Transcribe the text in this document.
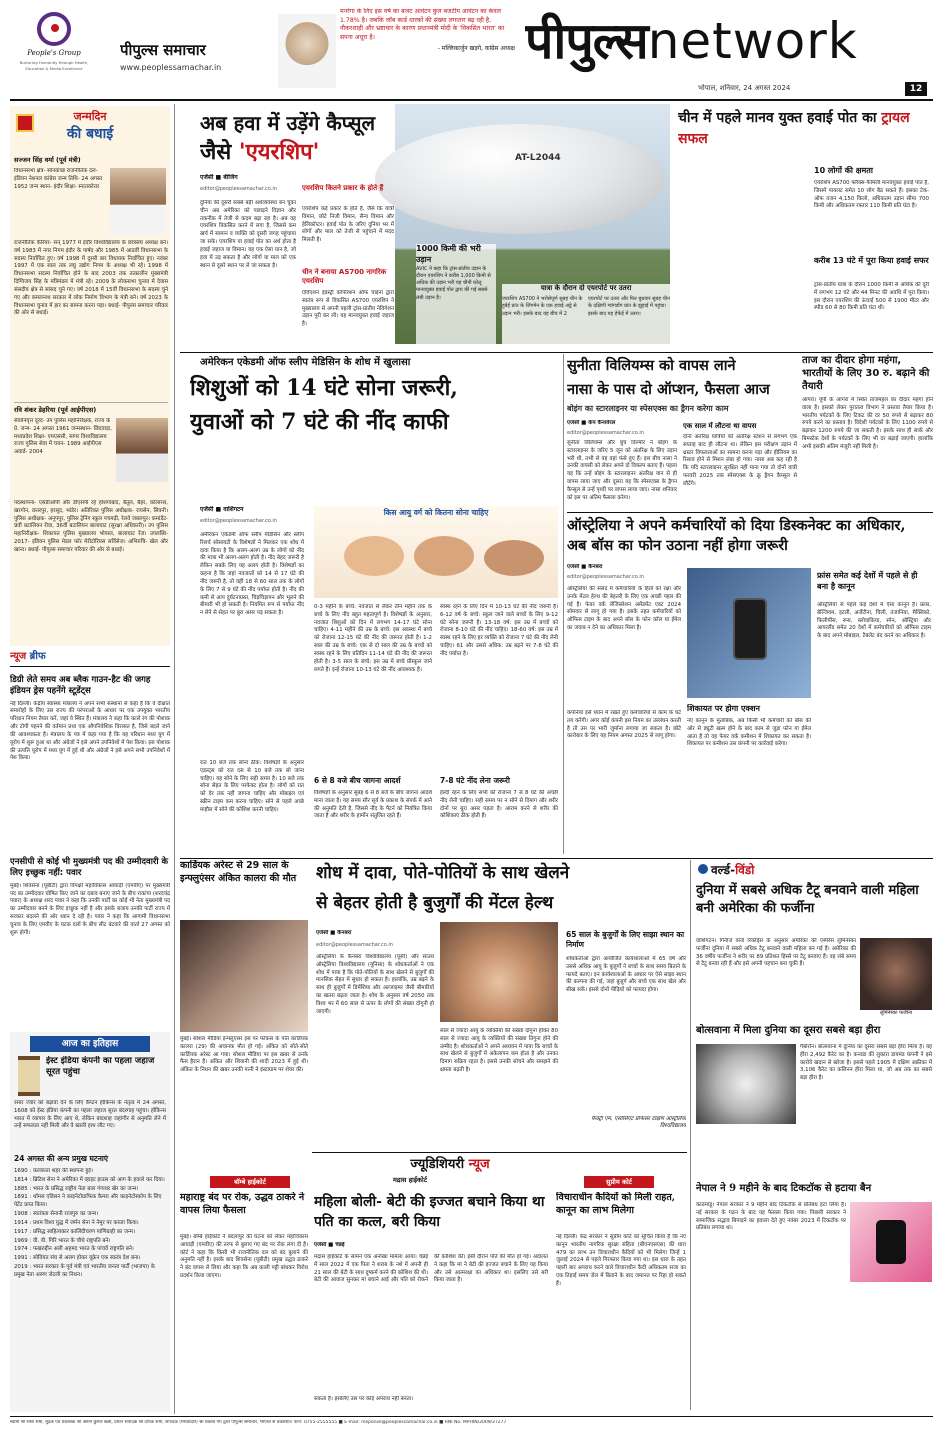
People's Group
Nurturing Humanity through Health, Education & Media Excellence
पीपुल्स समाचार
www.peoplessamachar.in
मनरेगा के लिए इस वर्ष का बजट आवंटन कुल बजटीय आवंटन का केवल 1.78% है। जबकि जॉब कार्ड धारकों की संख्या लगातार बढ़ रही है, नौकरशाही और भ्रष्टाचार के कारण प्रधानमंत्री मोदी के 'विकसित भारत' का सपना अधूरा है।
- मल्लिकार्जुन खड़गे, कांग्रेस अध्यक्ष पीपुल्सnetwork
भोपाल, शनिवार, 24 अगस्त 2024	12
जन्मदिन
की बधाई
सज्जन सिंह वर्मा (पूर्व मंत्री)
विधानसभा क्षेत्र- सोनकच्छ राजनीतिक दल- इंडियन नेशनल कांग्रेस जन्म तिथि- 24 अगस्त 1952 जन्म स्थान- इंदौर शिक्षा- स्नातकोत्तर
राजनीतिक कॅरियर- सन् 1977 में इंदौर विश्वविद्यालय के छात्रसंघ अध्यक्ष बने। वर्ष 1983 में नगर निगम इंदौर के पार्षद और 1985 में आठवीं विधानसभा के सदस्य निर्वाचित हुए। वर्ष 1998 में दूसरी बार विधायक निर्वाचित हुए। नवंबर 1997 में एक साल तक लघु उद्योग निगम के अध्यक्ष भी रहे। 1998 में विधानसभा सदस्य निर्वाचित होने के बाद 2003 तक तत्कालीन मुख्यमंत्री दिग्विजय सिंह के मंत्रिमंडल में मंत्री रहे। 2009 के लोकसभा चुनाव में देवास संसदीय क्षेत्र से सांसद चुने गए। वर्ष 2018 में 15वीं विधानसभा के सदस्य चुने गए और कमलनाथ सरकार में लोक निर्माण विभाग के मंत्री बने। वर्ष 2023 के विधानसभा चुनाव में हार का सामना करना पड़ा। बधाई- पीपुल्स समाचार परिवार की ओर से बधाई।
रवि शंकर डेहरिया (पूर्व आईपीएस)
सेवानिवृत्त दूरद- उप पुलिस महानिरीक्षक, राज्य के प्रे. जन्म- 24 अगस्त 1961 जन्मस्थान- छिंदवाड़ा, मध्यप्रदेश शिक्षा- एमएससी, सागर विश्वविद्यालय राज्य पुलिस सेवा में चयन- 1989 आईपीएस अवार्ड- 2004
पदस्थापना- एसडीओपी और डीएसपी रहे होशंगाबाद, बैतूल, बैहर, कोलारस, खरगोन, छतरपुर, हरसूद, भांडेर। अतिरिक्त पुलिस अधीक्षक- रायसेन, सिवनी। पुलिस अधीक्षक- अनूपपुर, पुलिस ट्रेनिंग स्कूल पचमढ़ी, रेलवे जबलपुर। कमांडेंट- 9वीं बटालियन रीवा, 36वीं बटालियन बालाघाट (सुरक्षा अधिकारी)। उप पुलिस महानिरीक्षक- शिकायत पुलिस मुख्यालय भोपाल, बालाघाट रेंज। उपलब्धि- 2017- इंडियन पुलिस मेडल फॉर मेरीटोरियस सर्विसेज। अभिरुचि- खेल और खाना। बधाई- पीपुल्स समाचार परिवार की ओर से बधाई।
न्यूज ब्रीफ
डिग्री लेते समय अब ब्लैक गाउन-हैट की जगह इंडियन ड्रेस पहनेंगे स्टूडेंट्स
नई दिल्ली। केंद्रीय स्वास्थ्य मंत्रालय ने अपने सभी संस्थानों से कहा है कि वे दीक्षांत समारोहों के लिए उस राज्य की परंपराओं के आधार पर एक उपयुक्त भारतीय परिधान नियम तैयार करें, जहां वे स्थित हैं। मंत्रालय ने कहा कि काले रंग की पोशाक और टोपी पहनने की वर्तमान प्रथा एक औपनिवेशिक विरासत है, जिसे बदले जाने की आवश्यकता है। मंत्रालय के पत्र में कहा गया है कि यह परिधान मध्य युग में यूरोप में शुरू हुआ था और अंग्रेजों ने इसे अपने उपनिवेशों में पेश किया। इस पोशाक की उत्पत्ति यूरोप में मध्य युग में हुई थी और अंग्रेजों ने इसे अपने सभी उपनिवेशों में पेश किया।
एनसीपी से कोई भी मुख्यमंत्री पद की उम्मीदवारी के लिए इच्छुक नहीं: पवार
मुंबई। शिवसेना (यूबीटी) द्वारा विपक्षी महाविकास आघाड़ी (एमवीए) पर मुख्यमंत्री पद का उम्मीदवार घोषित किए जाने का दबाव बनाए जाने के बीच राकांपा (शरदचंद्र पवार) के अध्यक्ष शरद पवार ने कहा कि उनकी पार्टी का कोई भी नेता मुख्यमंत्री पद का उम्मीदवार बनने के लिए इच्छुक नहीं है और इसके बजाय उनकी पार्टी राज्य में सरकार बदलने की ओर ध्यान दे रही है। पवार ने कहा कि आगामी विधानसभा चुनाव के लिए एमवीए के घटक दलों के बीच सीट बंटवारे की वार्ता 27 अगस्त को शुरू होगी।
आज का इतिहास
ईस्ट इंडिया कंपनी का पहला जहाज सूरत पहुंचा
रसार ज्वार को बढ़ावा देने के लिए कैप्टन हॉकिन्स के नेतृत्व में 24 अगस्त, 1608 को ईस्ट इंडिया कंपनी का पहला जहाज सूरत बंदरगाह पहुंचा। हॉकिन्स भारत में व्यापार के लिए आए थे, लेकिन बादशाह जहांगीर से अनुमति लेने में उन्हें सफलता नहीं मिली और वे खाली हाथ लौट गए।
24 अगस्त की अन्य प्रमुख घटनाएं
1690 : कलकत्ता शहर की स्थापना हुई।
1814 : ब्रिटिश सेना ने अमेरिका में व्हाइट हाउस को आग के हवाले कर दिया।
1885 : भारत के प्रसिद्ध राष्ट्रीय नेता बाल गंगाधर खेर का जन्म।
1891 : थॉमस एडिसन ने काइनेटोग्राफिक कैमरा और काइनेटोस्कोप के लिए पेटेंट प्राप्त किया।
1908 : स्वतंत्रता सेनानी राजगुरु का जन्म।
1914 : प्रथम विश्व युद्ध में जर्मन सेना ने नेमुर पर कब्जा किया।
1917 : प्रसिद्ध साहित्यकार कालिंदीचरण पाणिग्राही का जन्म।
1969 : वी. वी. गिरि भारत के चौथे राष्ट्रपति बने।
1974 : फखरुद्दीन अली अहमद भारत के पांचवें राष्ट्रपति बने।
1991 : सोवियत संघ से अलग होकर यूक्रेन एक स्वतंत्र देश बना।
2019 : भारत सरकार के पूर्व मंत्री एवं भारतीय जनता पार्टी (भाजपा) के प्रमुख नेता अरुण जेटली का निधन।
अब हवा में उड़ेंगे कैप्सूल
जैसे 'एयरशिप'	AT-L2044
एजेंसी ■ बीजिंग
editor@peoplessamachar.co.in
दुनिया की दूसरी सबसे बड़ी अर्थव्यवस्था बन चुका चीन अब अमेरिका को पछाड़ने विज्ञान और तकनीक में तेजी से कदम बढ़ा रहा है। अब वह एयरशिप विकसित करने में लगा है, जिससे कम खर्च में सामान व व्यक्ति को दूसरी जगह पहुंचाया जा सके। एयरशिप या हवाई पोत का अर्थ होता है हवाई जहाज या विमान। यह एक ऐसा यान है, जो हवा में उड़ सकता है और लोगों या माल को एक स्थान से दूसरे स्थान पर ले जा सकता है।
एयरशिप कितने प्रकार के होते हैं
एयरशिप कई प्रकार के होते हैं, जैसे कि यात्री विमान, छोटे निजी विमान, सैन्य विमान और हेलिकॉप्टर। हवाई पोत के जरिए दुनिया भर में लोगों और माल को तेजी से पहुंचाने में मदद मिलती है।
चीन ने बनाया AS700 नागरिक एयरशिप
एविएशन इंडस्ट्री कॉर्पोरेशन ऑफ चाइना द्वारा स्वतंत्र रूप से विकसित AS700 एयरशिप ने मुख्यालय से अपनी पहली ट्रांस-प्रांतीय नेविगेशन उड़ान पूरी कर ली। यह मानवयुक्त हवाई जहाज है।
1000 किमी की भरी उड़ान
AVIC ने कहा कि ट्रांस-प्रांतीय उड़ान के दौरान एयरशिप ने करीब 1,000 किमी से अधिक की उड़ान भरी यह चीनी घरेलू मानवयुक्त हवाई पोत द्वारा की गई सबसे लंबी उड़ान है।
यात्रा के दौरान दो एयरपोर्ट पर उतरा
एयरशिप AS700 ने भरोसेपूर्ण सुबह चीन के हुबेई प्रांत के जिंगमेन के एक हवाई अड्डे से उड़ान भरी। इसके बाद यह बीच में 2
एयरपोर्ट पर उतरा और फिर बुधवार सुबह चीन के दक्षिणी ग्वांगडोंग प्रांत के झुहाई में पहुंचा। इसके बाद यह हेफेई में उतरा।
चीन में पहले मानव युक्त हवाई पोत का ट्रायल सफल
10 लोगों की क्षमता
एयरशिप AS700 फ्लैक्स-फैमिली मानवयुक्त हवाई पोत है, जिसमें पायलट समेत 10 लोग बैठ सकते हैं। इसका टेक-ऑफ वजन 4,150 किलो, अधिकतम उड़ान सीमा 700 किमी और अधिकतम रफ्तार 110 किमी प्रति घंटा है।
करीब 13 घंटे में पूरा किया हवाई सफर
ट्रांस-प्रांतीय यात्रा के दौरान 1000 किमी से अधिक की दूरी में लगभग 12 घंटे और 44 मिनट की अवधि में पूरा किया। इस दौरान एयरशिप की ऊंचाई 500 से 1900 मीटर और स्पीड 60 से 80 किमी प्रति घंटा थी।
अमेरिकन एकेडमी ऑफ स्लीप मेडिसिन के शोध में खुलासा
शिशुओं को 14 घंटे सोना जरूरी,
युवाओं को 7 घंटे की नींद काफी
एजेंसी ■ वाशिंगटन
editor@peoplessamachar.co.in
किस आयु वर्ग को कितना सोना चाहिए
अमेरिकन एकेडमी ऑफ स्लीप मेडिसिन और स्लीप रिसर्च सोसायटी के विशेषज्ञों ने मिलकर एक शोध में दावा किया है कि अलग-अलग उम्र के लोगों को नींद की मात्रा भी अलग-अलग होती है। नींद बेहद जरूरी है लेकिन सबके लिए यह अलग होती है। विशेषज्ञों का कहना है कि जहां नवजातों को 14 से 17 घंटे की नींद जरूरी है, तो वहीं 18 से 60 साल तक के लोगों के लिए 7 से 9 घंटे की नींद पर्याप्त होती है। नींद की कमी से आप दुर्घटनाग्रस्त, चिड़चिड़ापन और भूलने की बीमारी भी हो सकती है। नियमित रूप से पर्याप्त नींद न लेने से सेहत पर बुरा असर पड़ सकता है।
रात 10 बजे तक सोना ठीक: विशेषज्ञों के अनुसार एडल्ट्स को रात दस से 10 बजे तक सो जाना चाहिए। यह सोने के लिए सही समय है। 10 बजे तक सोना सेहत के लिए परफेक्ट होता है। लोगों को रात को देर तक नहीं जागना चाहिए और मोबाइल एवं स्क्रीन टाइम कम करना चाहिए। सोने से पहले अच्छे माहौल में सोने की कोशिश करनी चाहिए।
0-3 महीने के बच्चे: नवजात से लेकर तीन महीने तक के बच्चे के लिए नींद बहुत महत्वपूर्ण है। विशेषज्ञों के अनुसार, नवजात शिशुओं को दिन में लगभग 14-17 घंटे सोना चाहिए। 4-11 महीने की उम्र के बच्चे: इस अवस्था में बच्चे को रोजाना 12-15 घंटे की नींद की जरूरत होती है। 1-2 साल की उम्र के बच्चे: एक से दो साल की उम्र के बच्चों को स्वस्थ रहने के लिए प्रतिदिन 11-14 घंटे की नींद की जरूरत होती है। 3-5 साल के बच्चे: इस उम्र में बच्चे प्रीस्कूल जाने लगते हैं। इन्हें रोजाना 10-13 घंटे की नींद आवश्यक है।
स्वस्थ रहने के लिए दिन में 10-13 घंटे की नींद जरूरी है। 6-12 वर्ष के बच्चे: स्कूल जाने वाले बच्चों के लिए 9-12 घंटे सोना जरूरी है। 13-18 वर्ष: इस उम्र में बच्चों को रोजाना 8-10 घंटे की नींद चाहिए। 18-60 वर्ष: इस उम्र में स्वस्थ रहने के लिए हर व्यक्ति को रोजाना 7 घंटे की नींद लेनी चाहिए। 61 और उससे अधिक: उम्र बढ़ने पर 7-8 घंटे की नींद पर्याप्त है।
6 से 8 वजे बीच जागना आदर्श
विशेषज्ञों के अनुसार सुबह 6 से 8 बजे के बीच जागना आदर्श माना जाता है। यह समय सौर सूर्य के प्रकाश के संपर्क में आने की अनुमति देती है, जिससे नींद के पैटर्न को नियंत्रित किया जाता है और शरीर के हार्मोन संतुलित रहते हैं।
7-8 घंटे नींद लेना जरूरी
हेल्दी रहने के लिए सभी को रोजाना 7 से 8 घंटे की अच्छी नींद लेनी चाहिए। सही समय पर न सोने से दिमाग और शरीर दोनों पर बुरा असर पड़ता है। आराम करने से शरीर की कोशिकाएं ठीक होती हैं।
सुनीता विलियम्स को वापस लाने
नासा के पास दो ऑप्शन, फैसला आज
बोइंग का स्टारलाइनर या स्पेसएक्स का ड्रैगन करेगा काम
एजेंसी ■ केप कैनावेरल
editor@peoplessamachar.co.in
सुनीता विलियम्स और बुच विल्मोर ने बोइंग के स्टारलाइनर के जरिए 5 जून को अंतरिक्ष के लिए उड़ान भरी थी, तभी से वह वहां फंसे हुए हैं। इस बीच नासा ने उनकी वापसी को लेकर अपने दो विकल्प बताए हैं। पहला यह कि उन्हें बोइंग के स्टारलाइनर अंतरिक्ष यान से ही वापस लाया जाए और दूसरा यह कि स्पेसएक्स के ड्रैगन कैप्सूल से उन्हें पृथ्वी पर वापस लाया जाए। नासा शनिवार को इस पर अंतिम फैसला करेगा।
एक साल में लौटना था वापस
दोनों अंतरिक्ष यात्रियों को अंतरिक्ष स्टेशन से लगभग एक सप्ताह बाद ही लौटना था। लेकिन इस परीक्षण उड़ान में थ्रस्टर विफलताओं का सामना करना पड़ा और हीलियम का रिसाव होने से मिशन लंबा हो गया। नासा अब कह रही है कि यदि स्टारलाइनर सुरक्षित नहीं माना गया तो दोनों यात्री फरवरी 2025 तक स्पेसएक्स के क्रू ड्रैगन कैप्सूल से लौटेंगे।
ताज का दीदार होगा महंगा, भारतीयों के लिए 30 रु. बढ़ाने की तैयारी
आगरा। यूपी के आगरा में स्थित ताजमहल का दीदार महंगा होने वाला है। इसको लेकर पुरातत्व विभाग ने प्रस्ताव तैयार किया है। भारतीय पर्यटकों के लिए टिकट की दर 50 रुपये से बढ़ाकर 80 रुपये करने का प्रस्ताव है। विदेशी पर्यटकों के लिए 1100 रुपये से बढ़ाकर 1200 रुपये की जा सकती है। इसके साथ ही सार्क और बिमस्टेक देशों के पर्यटकों के लिए भी दर बढ़ाई जाएगी। हालांकि अभी इसकी अंतिम मंजूरी नहीं मिली है।
ऑस्ट्रेलिया ने अपने कर्मचारियों को दिया डिस्कनेक्ट का अधिकार, अब बॉस का फोन उठाना नहीं होगा जरूरी
एजेंसी ■ कैनबरा
editor@peoplessamachar.co.in
ऑस्ट्रेलिया की संसद में कर्मचारियों के हितों को रक्षा और उनके मेंटल हेल्थ की बेहतरी के लिए एक अच्छी पहल की गई है। फेयर वर्क लेजिस्लेशन अमेंडमेंट एक्ट 2024 सोमवार से लागू हो गया है। इसके तहत कर्मचारियों को ऑफिस टाइम के बाद अपने बॉस के फोन कॉल या ईमेल का जवाब न देने का अधिकार मिला है।
कंपनियां इसे ध्यान में रखते हुए कर्मचारियों से काम के घंटे तय करेंगी। अगर कोई कंपनी इस नियम का उल्लंघन करती है तो उस पर भारी जुर्माना लगाया जा सकता है। छोटे कारोबार के लिए यह नियम अगस्त 2025 से लागू होगा।
शिकायत पर होगा एक्शन
नए कानून के मुताबिक, अब किसी भी कर्मचारी को बॉस की ओर से ड्यूटी खत्म होने के बाद काम से जुड़ा फोन या ईमेल आता है तो वह फेयर वर्क कमीशन में शिकायत कर सकता है। शिकायत पर कमीशन उस कंपनी पर कार्रवाई करेगा।
फ्रांस समेत कई देशों में पहले से ही बना है कानून
ऑस्ट्रेलिया से पहले कई देशों में ऐसा कानून है। फ्रांस, बेल्जियम, इटली, अर्जेंटीना, चिली, तंजानिया, मैक्सिको, फिलीपींस, रूस, स्लोवाकिया, स्पेन, ऑस्ट्रिया और आयरलैंड समेत 20 देशों में कर्मचारियों को ऑफिस टाइम के बाद अपने मोबाइल, टैबलेट बंद करने का अधिकार है।
कार्डियक अरेस्ट से 29 साल के इन्फ्लुएंसर अंकित कालरा की मौत
मुंबई। सोशल मीडिया इन्फ्लुएंसर इस पर फोकस के पति कार्डियक कालरा (29) की अचानक मौत हो गई। अंकित को सोते-सोते कार्डियक अरेस्ट आ गया। सोशल मीडिया पर इस खबर से उनके फैंस हैरान हैं। अंकित और शिवानी की शादी 2023 में हुई थी। अंकित के निधन की खबर उनकी पत्नी ने इंस्टाग्राम पर शेयर की।
शोध में दावा, पोते-पोतियों के साथ खेलने
से बेहतर होती है बुजुर्गों की मेंटल हेल्थ
एजेंसी ■ कैनबरा
editor@peoplessamachar.co.in
ऑस्ट्रेलिया के कैनबरा विश्वविद्यालय (यूसी) और साउथ ऑस्ट्रेलिया विश्वविद्यालय (यूनिसा) के शोधकर्ताओं ने एक शोध में पाया है कि पोते-पोतियों के साथ खेलने से बुजुर्गों की मानसिक सेहत में सुधार हो सकता है। हालांकि, उम्र बढ़ने के साथ ही बुजुर्गों में डिमेंशिया और अल्जाइमर जैसी बीमारियों का खतरा बढ़ता जाता है। शोध के अनुसार वर्ष 2050 तक विश्व भर में 60 साल से ऊपर के लोगों की संख्या दोगुनी हो जाएगी।
साल से ज्यादा आयु के व्यक्तियों की संख्या दोगुना होकर 80 साल से ज्यादा आयु के व्यक्तियों की संख्या तिगुना होने की उम्मीद है। शोधकर्ताओं ने अपने अध्ययन में पाया कि बच्चों के साथ खेलने से बुजुर्गों में अकेलापन कम होता है और उनका दिमाग सक्रिय रहता है। इससे उनकी सोचने और समझने की क्षमता बढ़ती है।
65 साल के बुजुर्गों के लिए साझा स्थान का निर्माण
शोधकर्ताओं द्वारा आयोजित कार्यशालाओं में 65 वर्ष और उससे अधिक आयु के बुजुर्गों ने बच्चों के साथ समय बिताने के फायदे बताए। इन कार्यशालाओं के आधार पर ऐसे साझा स्थान की कल्पना की गई, जहां बुजुर्ग और बच्चे एक साथ खेल और सीख सकें। इससे दोनों पीढ़ियों को फायदा होगा।
फैक्ट्री एम, एसोसिएट प्रोफेसर दक्षिण ऑस्ट्रेलिया विश्वविद्यालय
वर्ल्ड-विंडो
दुनिया में सबसे अधिक टैटू बनवाने वाली महिला बनी अमेरिका की फर्जीना
वाशिंगटन। गिनीज वर्ल्ड रिकॉर्ड्स के अनुसार अमेरिका की एस्पेरेंस लुमिनेस्का फर्जीना दुनिया में सबसे अधिक टैटू बनवाने वाली महिला बन गई हैं। अमेरिका की 36 वर्षीय फर्जीना ने शरीर पर 89 प्रतिशत हिस्से पर टैटू बनवाए हैं। वह लंबे समय से टैटू बनवा रही हैं और इसे अपनी पहचान बना चुकी हैं।
लुमिनेस्का फर्जीना
बोत्सवाना में मिला दुनिया का दूसरा सबसे बड़ा हीरा
गैबोरोन। बोत्सवाना में दुनिया का दूसरा सबसे बड़ा हीरा मिला है। यह हीरा 2,492 कैरेट का है। कनाडा की लुकारा डायमंड कंपनी ने इसे कारोवे खदान से खोजा है। इससे पहले 1905 में दक्षिण अफ्रीका में 3,106 कैरेट का कलिनन हीरा मिला था, जो अब तक का सबसे बड़ा हीरा है।
नेपाल ने 9 महीने के बाद टिकटॉक से हटाया बैन
काठमांडू। नेपाल सरकार ने 9 महीने बाद टिकटॉक से प्रतिबंध हटा लिया है। नई सरकार के गठन के बाद यह फैसला किया गया। पिछली सरकार ने सामाजिक सद्भाव बिगाड़ने का हवाला देते हुए नवंबर 2023 में टिकटॉक पर प्रतिबंध लगाया था।
ज्यूडिशियरी न्यूज
बॉम्बे हाईकोर्ट
महाराष्ट्र बंद पर रोक, उद्धव ठाकरे ने वापस लिया फैसला
मुंबई। बॉम्बे हाईकोर्ट ने बदलापुर की घटना को लेकर महाविकास आघाड़ी (एमवीए) की तरफ से बुलाए गए बंद पर रोक लगा दी है। कोर्ट ने कहा कि किसी भी राजनीतिक दल को बंद बुलाने की अनुमति नहीं है। इसके बाद शिवसेना (यूबीटी) प्रमुख उद्धव ठाकरे ने बंद वापस ले लिया और कहा कि अब काली पट्टी बांधकर विरोध प्रदर्शन किया जाएगा।
मद्रास हाईकोर्ट
महिला बोली- बेटी की इज्जत बचाने किया था पति का कत्ल, बरी किया
एजेंसी ■ चेन्नई
मद्रास हाईकोर्ट के सामने एक अनोखा मामला आया। चेन्नई में साल 2022 में एक पिता ने शराब के नशे में अपनी ही 21 साल की बेटी के साथ दुष्कर्म करने की कोशिश की थी। बेटी की आवाज सुनकर मां बचाने आई और पति को रोकने की कोशिश की। इसी दौरान पति की मौत हो गई। अदालत ने कहा कि मां ने बेटी की इज्जत बचाने के लिए यह किया और उसे आत्मरक्षा का अधिकार था। इसलिए उसे बरी किया जाता है।
सकता है। इसलिए उस पर कोई अपराध नहीं बनता।
सुप्रीम कोर्ट
विचाराधीन कैदियों को मिली राहत, कानून का लाभ मिलेगा
नई दिल्ली। केंद्र सरकार ने सुप्रीम कोर्ट को सूचित किया है कि नए कानून भारतीय नागरिक सुरक्षा संहिता (बीएनएसएस) की धारा 479 का लाभ उन विचाराधीन कैदियों को भी मिलेगा जिन्हें 1 जुलाई 2024 से पहले गिरफ्तार किया गया था। इस धारा के तहत पहली बार अपराध करने वाले विचाराधीन कैदी अधिकतम सजा का एक तिहाई समय जेल में बिताने के बाद जमानत पर रिहा हो सकते हैं।
स्वामी श्री रमेश शर्मा, मुद्रक एवं प्रकाशक श्री अरुण कुमार खत्री, प्रधान संपादक श्री दीपक शर्मा, संपादक (मध्यप्रदेश) श्री प्रकाश गर्ग द्वारा पीपुल्स समाचार, भोपाल से प्रकाशित। फोन: 0755-2555555 ■ E-mail: response@peoplessamachar.co.in ■ RNI No. MPHIN/2009/27277
